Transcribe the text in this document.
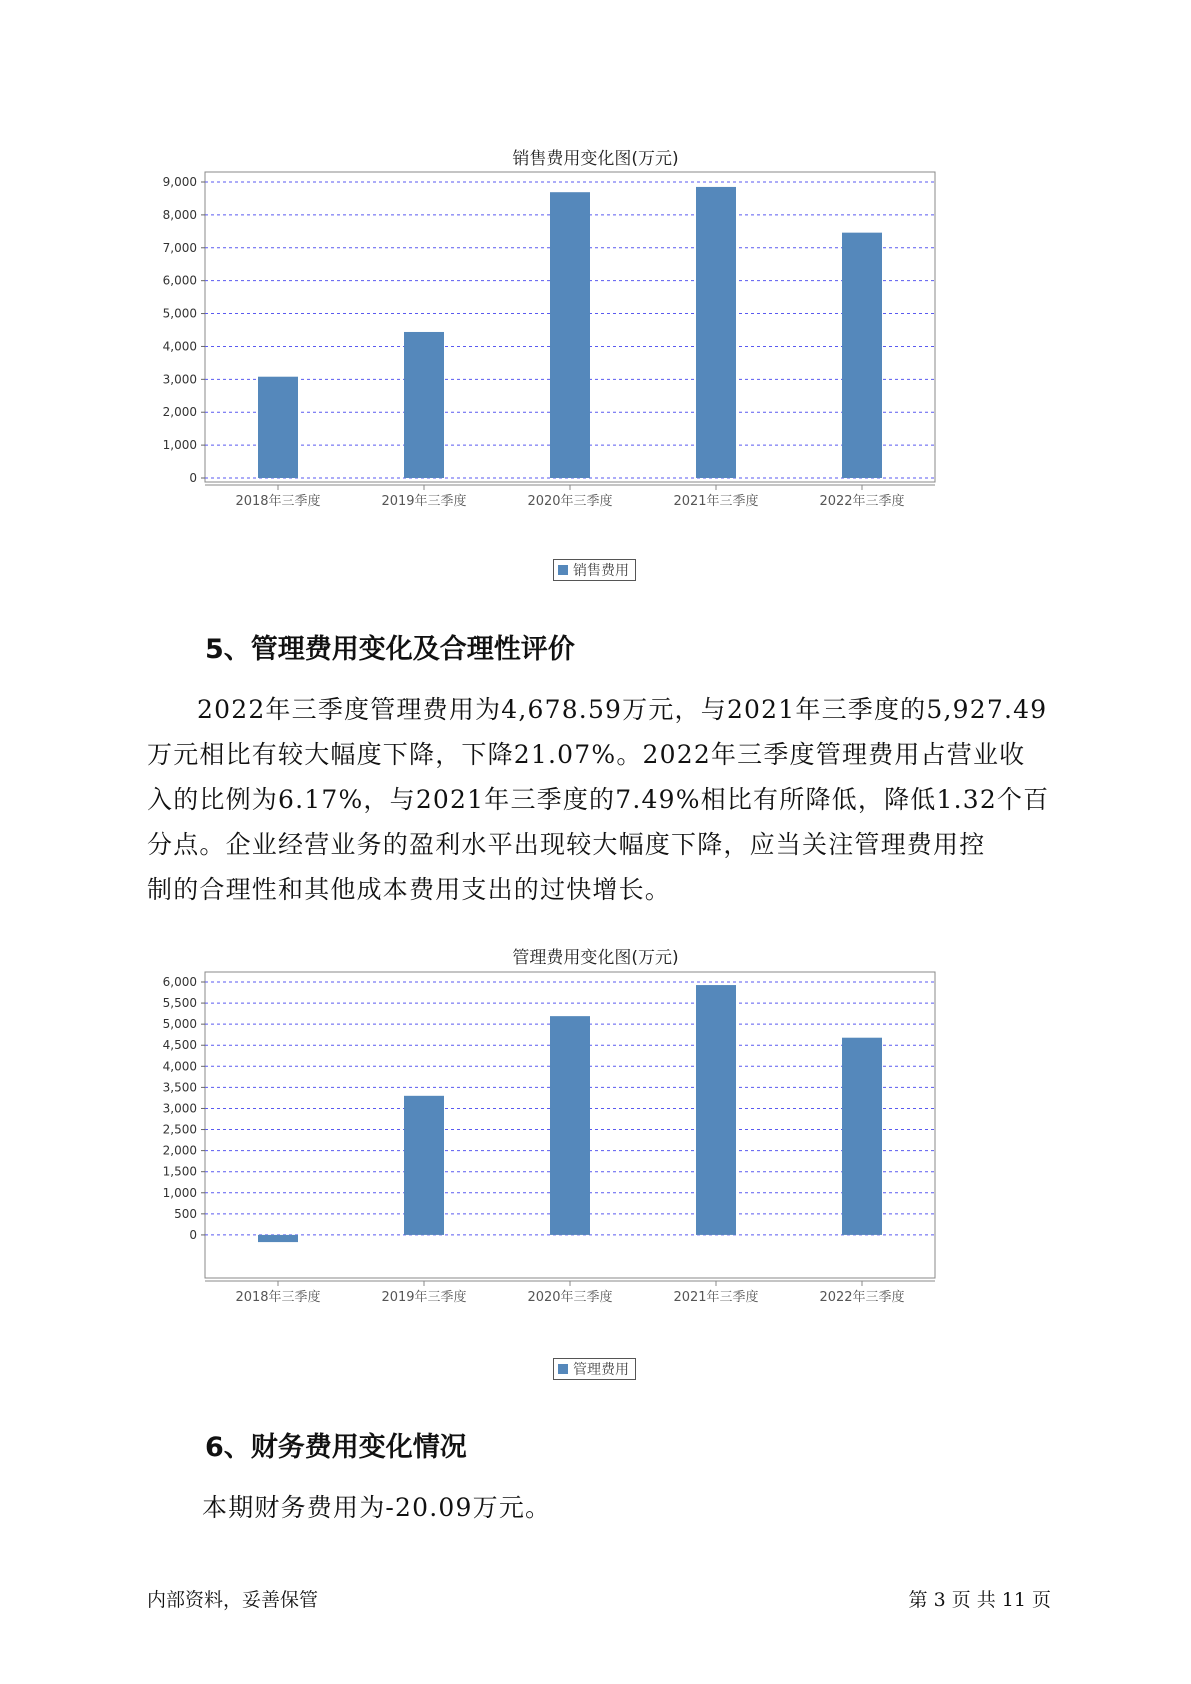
销售费用变化图(万元)
0
1,000
2,000
3,000
4,000
5,000
6,000
7,000
8,000
9,000
2018年三季度	2019年三季度	2020年三季度	2021年三季度	2022年三季度
销售费用
5、管理费用变化及合理性评价
2022年三季度管理费用为4,678.59万元，与2021年三季度的5,927.49
万元相比有较大幅度下降，下降21.07%。2022年三季度管理费用占营业收
入的比例为6.17%，与2021年三季度的7.49%相比有所降低，降低1.32个百
分点。企业经营业务的盈利水平出现较大幅度下降，应当关注管理费用控
制的合理性和其他成本费用支出的过快增长。
管理费用变化图(万元)
0
500
1,000
1,500
2,000
2,500
3,000
3,500
4,000
4,500
5,000
5,500
6,000
2018年三季度	2019年三季度	2020年三季度	2021年三季度	2022年三季度
管理费用
6、财务费用变化情况
本期财务费用为-20.09万元。
内部资料，妥善保管	第 3 页 共 11 页
